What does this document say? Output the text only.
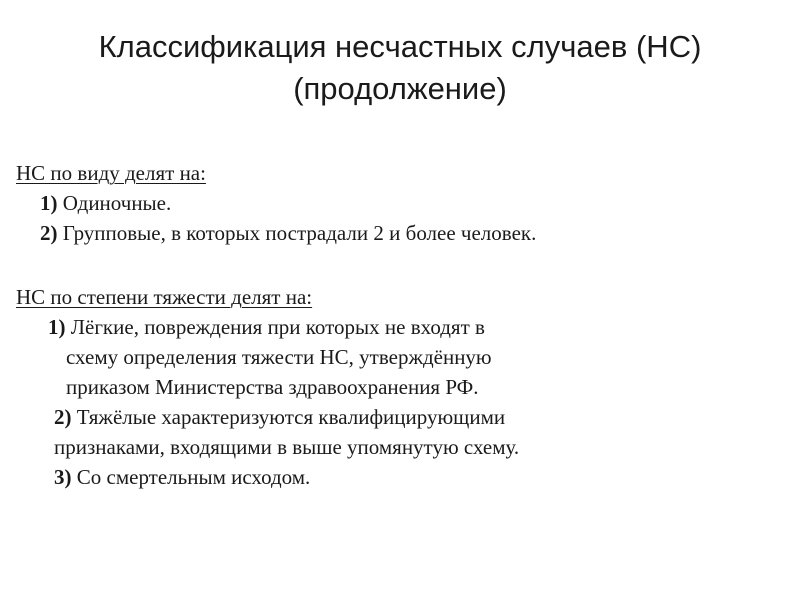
Классификация несчастных случаев (НС)
(продолжение)
НС по виду делят на:
1) Одиночные.
2) Групповые, в которых пострадали 2 и более человек.
НС по степени тяжести делят на:
1) Лёгкие, повреждения при которых не входят в
схему определения тяжести НС, утверждённую
приказом Министерства здравоохранения РФ.
2) Тяжёлые характеризуются квалифицирующими
признаками, входящими в выше упомянутую схему.
3) Со смертельным исходом.
